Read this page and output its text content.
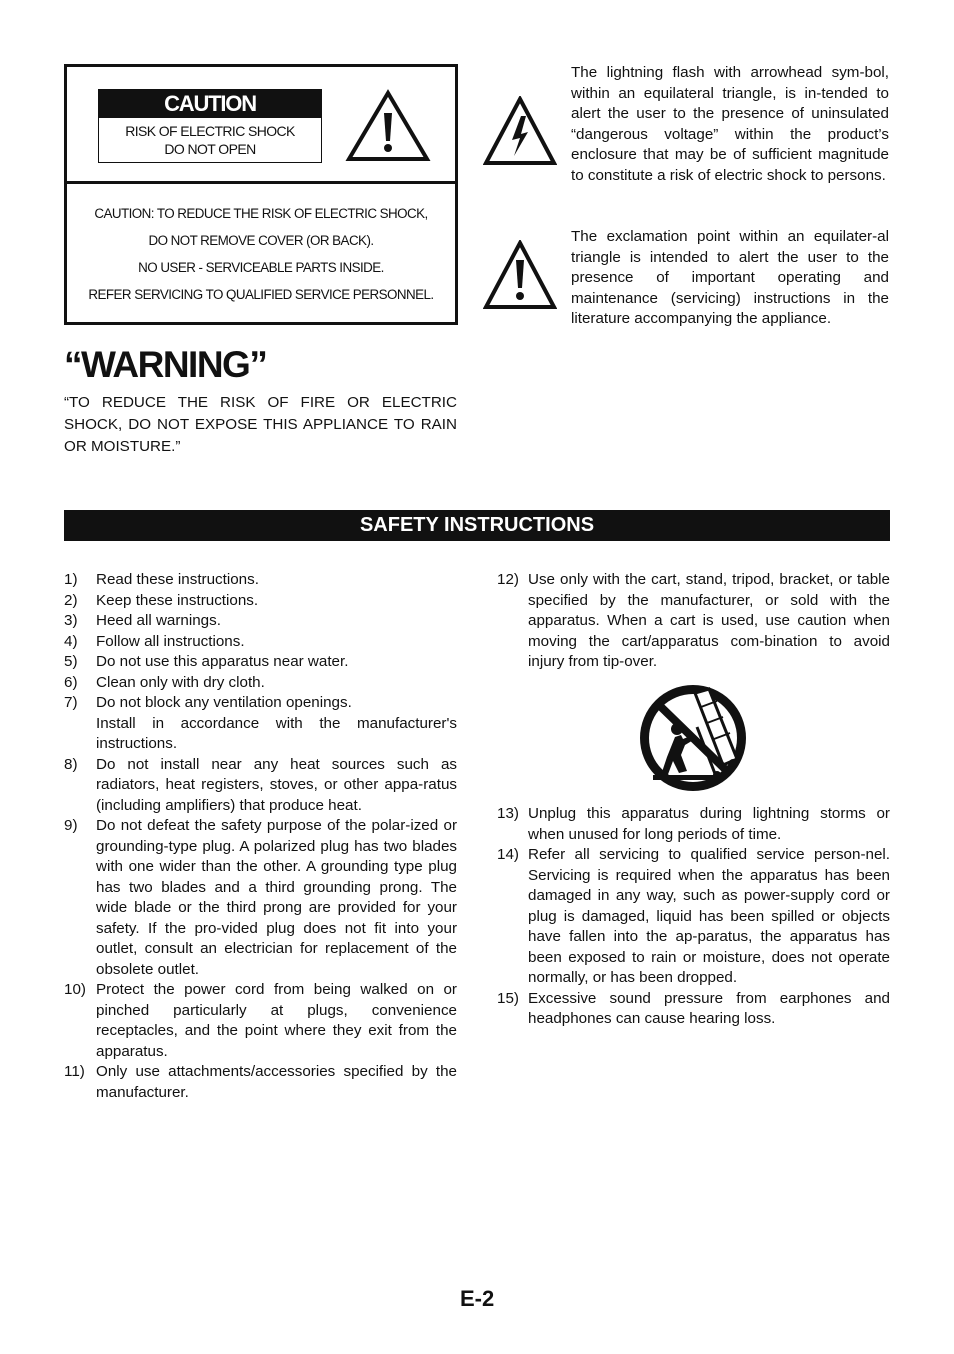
CAUTION
RISK OF ELECTRIC SHOCK
DO NOT OPEN
CAUTION: TO REDUCE THE RISK OF ELECTRIC SHOCK,
DO NOT REMOVE COVER (OR BACK).
NO USER - SERVICEABLE PARTS INSIDE.
REFER SERVICING TO QUALIFIED SERVICE PERSONNEL.
The lightning flash with arrowhead sym-bol, within an equilateral triangle, is in-tended to alert the user to the presence of uninsulated “dangerous voltage” within the product’s enclosure that may be of sufficient magnitude to constitute a risk of electric shock to persons.
The exclamation point within an equilater-al triangle is intended to alert the user to the presence of important operating and maintenance (servicing) instructions in the literature accompanying the appliance.
“WARNING”
“TO REDUCE THE RISK OF FIRE OR ELECTRIC SHOCK, DO NOT EXPOSE THIS APPLIANCE TO RAIN OR MOISTURE.”
SAFETY INSTRUCTIONS
1)	Read these instructions.
2)	Keep these instructions.
3)	Heed all warnings.
4)	Follow all instructions.
5)	Do not use this apparatus near water.
6)	Clean only with dry cloth.
7)	Do not block any ventilation openings.
Install in accordance with the manufacturer's instructions.
8)	Do not install near any heat sources such as radiators, heat registers, stoves, or other appa-ratus (including amplifiers) that produce heat.
9)	Do not defeat the safety purpose of the polar-ized or grounding-type plug. A polarized plug has two blades with one wider than the other. A grounding type plug has two blades and a third grounding prong. The wide blade or the third prong are provided for your safety. If the pro-vided plug does not fit into your outlet, consult an electrician for replacement of the obsolete outlet.
10) Protect the power cord from being walked on or pinched particularly at plugs, convenience receptacles, and the point where they exit from the apparatus.
11) Only use attachments/accessories specified by the manufacturer.
12) Use only with the cart, stand, tripod, bracket, or table specified by the manufacturer, or sold with the apparatus. When a cart is used, use caution when moving the cart/apparatus com-bination to avoid injury from tip-over.
13) Unplug this apparatus during lightning storms or when unused for long periods of time.
14) Refer all servicing to qualified service person-nel. Servicing is required when the apparatus has been damaged in any way, such as power-supply cord or plug is damaged, liquid has been spilled or objects have fallen into the ap-paratus, the apparatus has been exposed to rain or moisture, does not operate normally, or has been dropped.
15) Excessive sound pressure from earphones and headphones can cause hearing loss.
E-2
